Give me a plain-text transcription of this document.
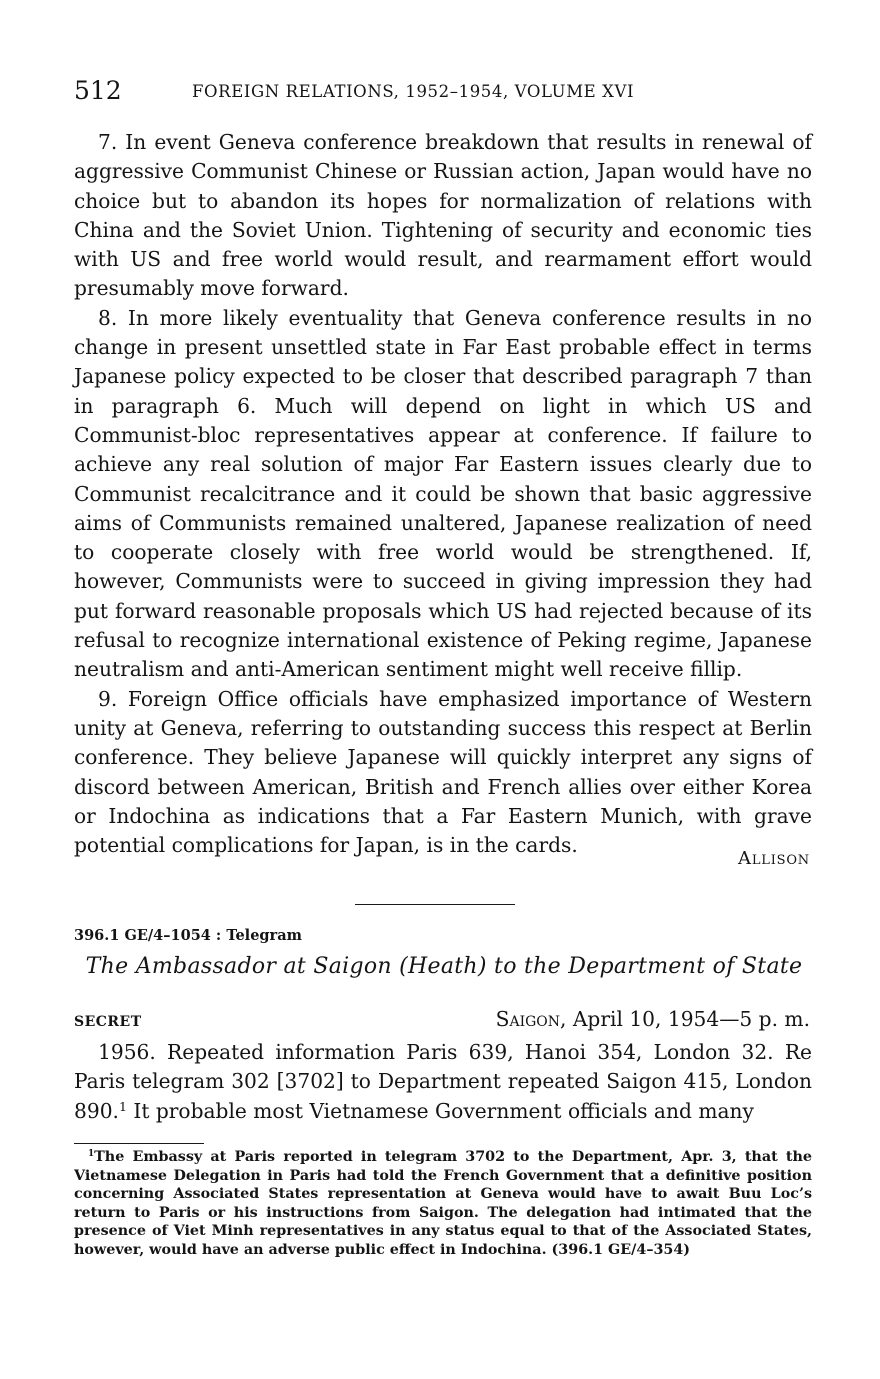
512	FOREIGN RELATIONS, 1952–1954, VOLUME XVI

7. In event Geneva conference breakdown that results in renewal of aggressive Communist Chinese or Russian action, Japan would have no choice but to abandon its hopes for normalization of relations with China and the Soviet Union. Tightening of security and economic ties with US and free world would result, and rearmament effort would presumably move forward.

8. In more likely eventuality that Geneva conference results in no change in present unsettled state in Far East probable effect in terms Japanese policy expected to be closer that described paragraph 7 than in paragraph 6. Much will depend on light in which US and Communist-bloc representatives appear at conference. If failure to achieve any real solution of major Far Eastern issues clearly due to Communist recalcitrance and it could be shown that basic aggressive aims of Communists remained unaltered, Japanese realization of need to cooperate closely with free world would be strengthened. If, however, Communists were to succeed in giving impression they had put forward reasonable proposals which US had rejected because of its refusal to recognize international existence of Peking regime, Japanese neutralism and anti-American sentiment might well receive fillip.

9. Foreign Office officials have emphasized importance of Western unity at Geneva, referring to outstanding success this respect at Berlin conference. They believe Japanese will quickly interpret any signs of discord between American, British and French allies over either Korea or Indochina as indications that a Far Eastern Munich, with grave potential complications for Japan, is in the cards.

Allison
396.1 GE/4–1054 : Telegram
The Ambassador at Saigon (Heath) to the Department of State
SECRET	Saigon, April 10, 1954—5 p. m.

1956. Repeated information Paris 639, Hanoi 354, London 32. Re Paris telegram 302 [3702] to Department repeated Saigon 415, London 890.$^1$ It probable most Vietnamese Government officials and many

$^1$The Embassy at Paris reported in telegram 3702 to the Department, Apr. 3, that the Vietnamese Delegation in Paris had told the French Government that a definitive position concerning Associated States representation at Geneva would have to await Buu Loc’s return to Paris or his instructions from Saigon. The delegation had intimated that the presence of Viet Minh representatives in any status equal to that of the Associated States, however, would have an adverse public effect in Indochina. (396.1 GE/4–354)
